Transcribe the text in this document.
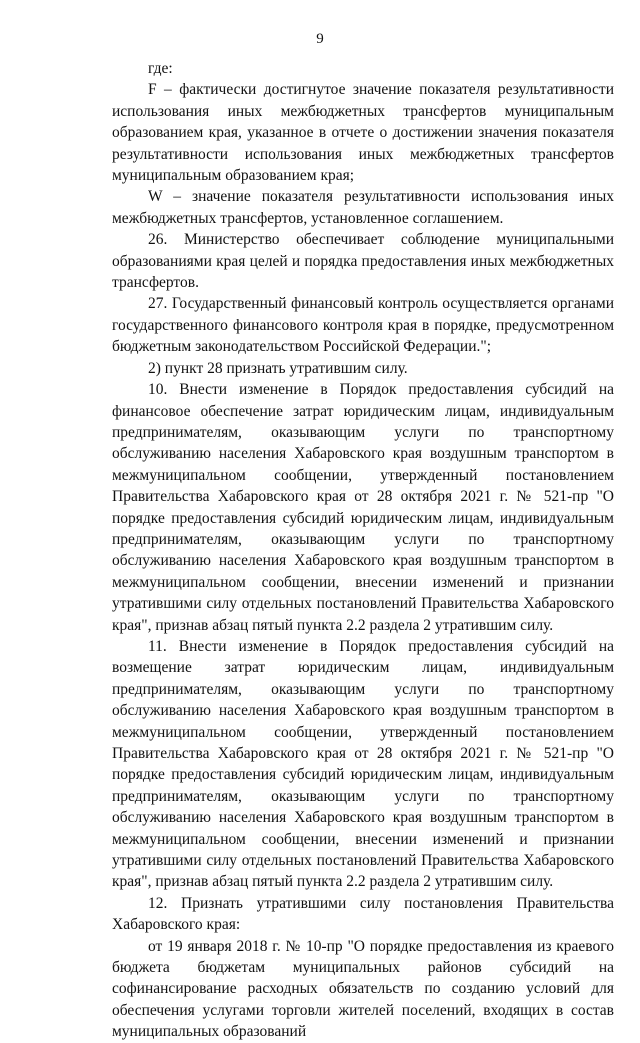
9

где:

F – фактически достигнутое значение показателя результативности использования иных межбюджетных трансфертов муниципальным образованием края, указанное в отчете о достижении значения показателя результативности использования иных межбюджетных трансфертов муниципальным образованием края;

W – значение показателя результативности использования иных межбюджетных трансфертов, установленное соглашением.

26. Министерство обеспечивает соблюдение муниципальными образованиями края целей и порядка предоставления иных межбюджетных трансфертов.

27. Государственный финансовый контроль осуществляется органами государственного финансового контроля края в порядке, предусмотренном бюджетным законодательством Российской Федерации.";

2) пункт 28 признать утратившим силу.

10. Внести изменение в Порядок предоставления субсидий на финансовое обеспечение затрат юридическим лицам, индивидуальным предпринимателям, оказывающим услуги по транспортному обслуживанию населения Хабаровского края воздушным транспортом в межмуниципальном сообщении, утвержденный постановлением Правительства Хабаровского края от 28 октября 2021 г. № 521-пр "О порядке предоставления субсидий юридическим лицам, индивидуальным предпринимателям, оказывающим услуги по транспортному обслуживанию населения Хабаровского края воздушным транспортом в межмуниципальном сообщении, внесении изменений и признании утратившими силу отдельных постановлений Правительства Хабаровского края", признав абзац пятый пункта 2.2 раздела 2 утратившим силу.

11. Внести изменение в Порядок предоставления субсидий на возмещение затрат юридическим лицам, индивидуальным предпринимателям, оказывающим услуги по транспортному обслуживанию населения Хабаровского края воздушным транспортом в межмуниципальном сообщении, утвержденный постановлением Правительства Хабаровского края от 28 октября 2021 г. № 521-пр "О порядке предоставления субсидий юридическим лицам, индивидуальным предпринимателям, оказывающим услуги по транспортному обслуживанию населения Хабаровского края воздушным транспортом в межмуниципальном сообщении, внесении изменений и признании утратившими силу отдельных постановлений Правительства Хабаровского края", признав абзац пятый пункта 2.2 раздела 2 утратившим силу.

12. Признать утратившими силу постановления Правительства Хабаровского края:

от 19 января 2018 г. № 10-пр "О порядке предоставления из краевого бюджета бюджетам муниципальных районов субсидий на софинансирование расходных обязательств по созданию условий для обеспечения услугами торговли жителей поселений, входящих в состав муниципальных образований
